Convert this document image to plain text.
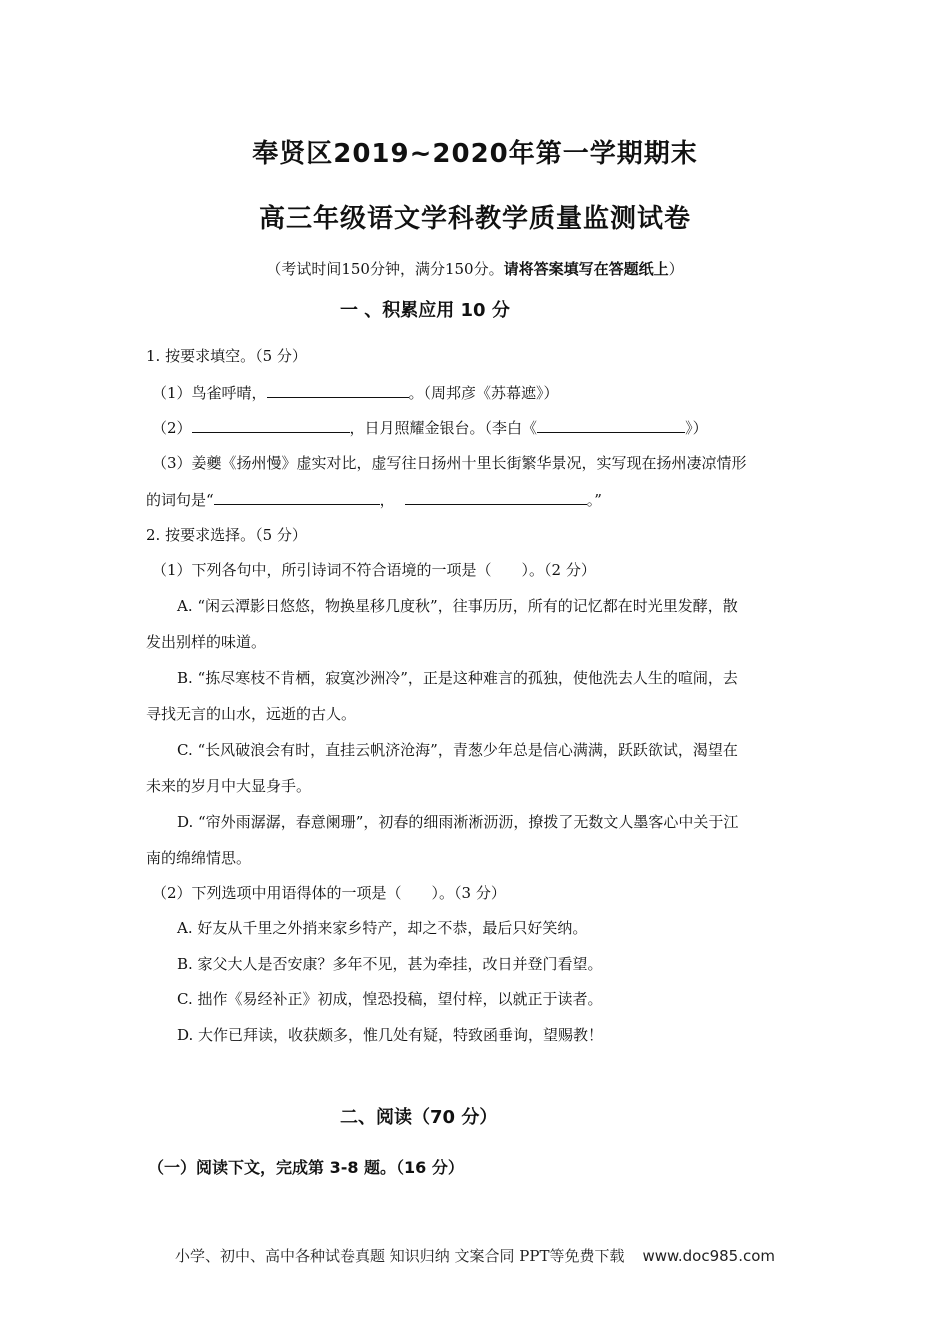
奉贤区2019~2020年第一学期期末
高三年级语文学科教学质量监测试卷
（考试时间150分钟，满分150分。请将答案填写在答题纸上）
一 、积累应用 10 分
1. 按要求填空。（5 分）
（1）鸟雀呼晴，	。（周邦彦《苏幕遮》）
（2）	，日月照耀金银台。（李白《	》）
（3）姜夔《扬州慢》虚实对比，虚写往日扬州十里长街繁华景况，实写现在扬州凄凉情形
的词句是“	，	。”
2. 按要求选择。（5 分）
（1）下列各句中，所引诗词不符合语境的一项是（　　）。（2 分）
A. “闲云潭影日悠悠，物换星移几度秋”，往事历历，所有的记忆都在时光里发酵，散
发出别样的味道。
B. “拣尽寒枝不肯栖，寂寞沙洲冷”，正是这种难言的孤独，使他洗去人生的喧闹，去
寻找无言的山水，远逝的古人。
C. “长风破浪会有时，直挂云帆济沧海”，青葱少年总是信心满满，跃跃欲试，渴望在
未来的岁月中大显身手。
D. “帘外雨潺潺，春意阑珊”，初春的细雨淅淅沥沥，撩拨了无数文人墨客心中关于江
南的绵绵情思。
（2）下列选项中用语得体的一项是（　　）。（3 分）
A. 好友从千里之外捎来家乡特产，却之不恭，最后只好笑纳。
B. 家父大人是否安康？多年不见，甚为牵挂，改日并登门看望。
C. 拙作《易经补正》初成，惶恐投稿，望付梓，以就正于读者。
D. 大作已拜读，收获颇多，惟几处有疑，特致函垂询，望赐教！
二、阅读（70 分）
（一）阅读下文，完成第 3-8 题。（16 分）
小学、初中、高中各种试卷真题 知识归纳 文案合同 PPT等免费下载 www.doc985.com
